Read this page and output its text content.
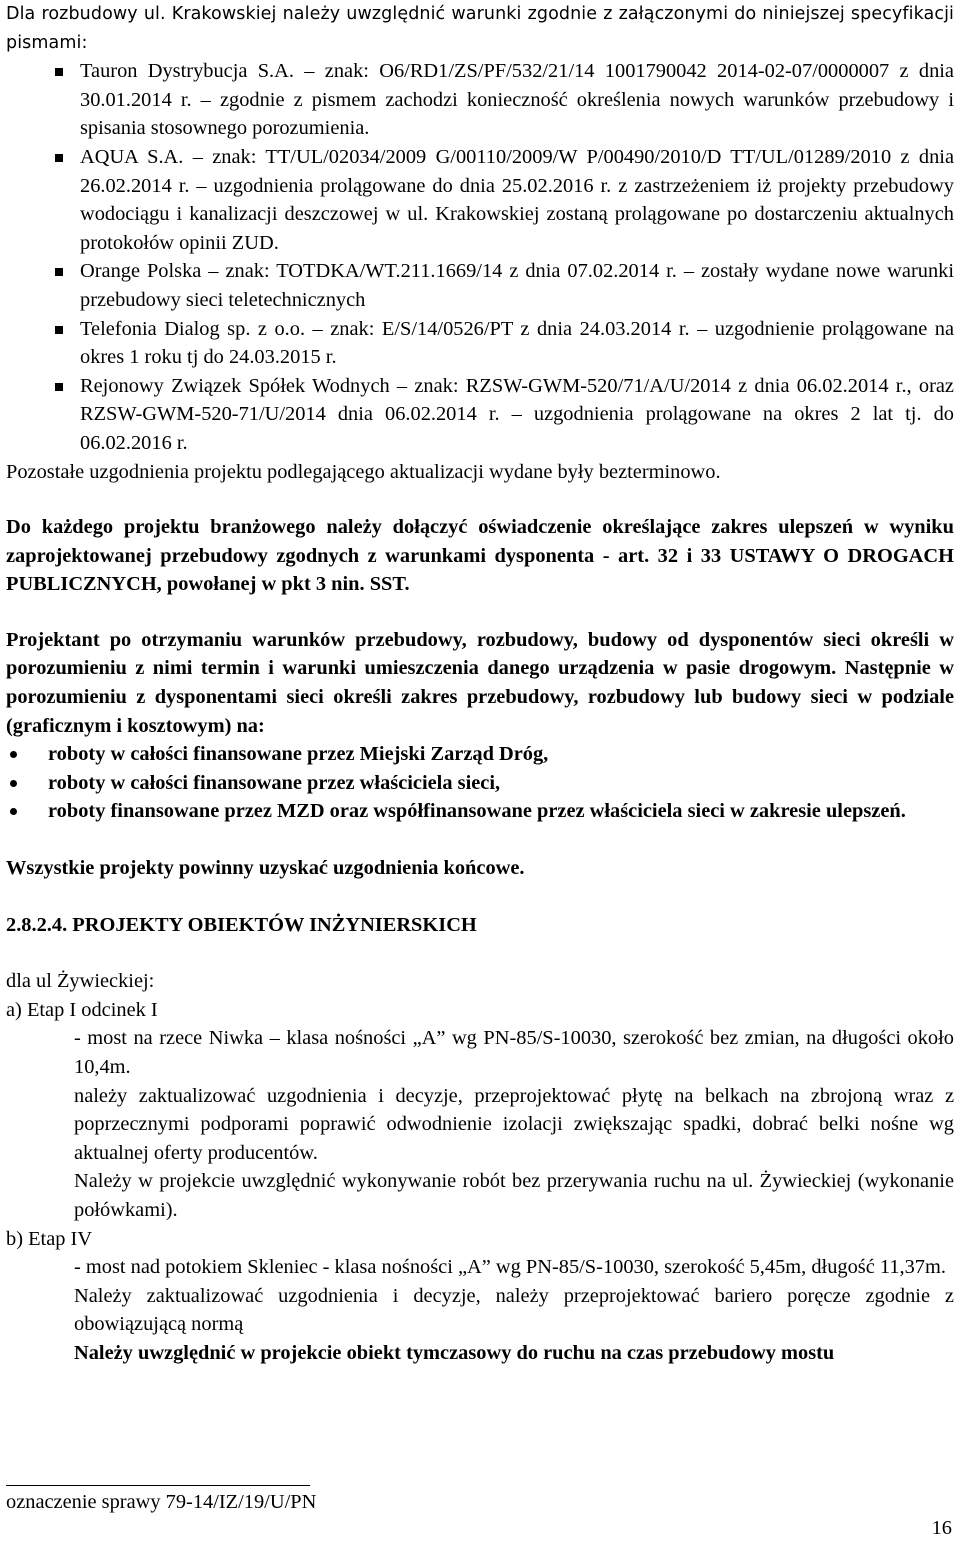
Dla rozbudowy ul. Krakowskiej należy uwzględnić warunki zgodnie z załączonymi do niniejszej specyfikacji pismami:

Tauron Dystrybucja S.A. – znak: O6/RD1/ZS/PF/532/21/14 1001790042 2014-02-07/0000007 z dnia 30.01.2014 r. – zgodnie z pismem zachodzi konieczność określenia nowych warunków przebudowy i spisania stosownego porozumienia.
AQUA S.A. – znak: TT/UL/02034/2009 G/00110/2009/W P/00490/2010/D TT/UL/01289/2010 z dnia 26.02.2014 r. – uzgodnienia prolągowane do dnia 25.02.2016 r. z zastrzeżeniem iż projekty przebudowy wodociągu i kanalizacji deszczowej w ul. Krakowskiej zostaną prolągowane po dostarczeniu aktualnych protokołów opinii ZUD.
Orange Polska – znak: TOTDKA/WT.211.1669/14 z dnia 07.02.2014 r. – zostały wydane nowe warunki przebudowy sieci teletechnicznych
Telefonia Dialog sp. z o.o. – znak: E/S/14/0526/PT z dnia 24.03.2014 r. – uzgodnienie prolągowane na okres 1 roku tj do 24.03.2015 r.
Rejonowy Związek Spółek Wodnych – znak: RZSW-GWM-520/71/A/U/2014 z dnia 06.02.2014 r., oraz RZSW-GWM-520-71/U/2014 dnia 06.02.2014 r. – uzgodnienia prolągowane na okres 2 lat tj. do 06.02.2016 r.

Pozostałe uzgodnienia projektu podlegającego aktualizacji wydane były bezterminowo.

Do każdego projektu branżowego należy dołączyć oświadczenie określające zakres ulepszeń w wyniku zaprojektowanej przebudowy zgodnych z warunkami dysponenta - art. 32 i 33 USTAWY O DROGACH PUBLICZNYCH, powołanej w pkt 3 nin. SST.

Projektant po otrzymaniu warunków przebudowy, rozbudowy, budowy od dysponentów sieci określi w porozumieniu z nimi termin i warunki umieszczenia danego urządzenia w pasie drogowym. Następnie w porozumieniu z dysponentami sieci określi zakres przebudowy, rozbudowy lub budowy sieci w podziale (graficznym i kosztowym) na:

roboty w całości finansowane przez Miejski Zarząd Dróg,
roboty w całości finansowane przez właściciela sieci,
roboty finansowane przez MZD oraz współfinansowane przez właściciela sieci w zakresie ulepszeń.

Wszystkie projekty powinny uzyskać uzgodnienia końcowe.

2.8.2.4. PROJEKTY OBIEKTÓW INŻYNIERSKICH

dla ul Żywieckiej:

a) Etap I odcinek I

- most na rzece Niwka – klasa nośności „A” wg PN-85/S-10030, szerokość bez zmian, na długości około 10,4m.

należy zaktualizować uzgodnienia i decyzje, przeprojektować płytę na belkach na zbrojoną wraz z poprzecznymi podporami poprawić odwodnienie izolacji zwiększając spadki, dobrać belki nośne wg aktualnej oferty producentów.

Należy w projekcie uwzględnić wykonywanie robót bez przerywania ruchu na ul. Żywieckiej (wykonanie połówkami).

b) Etap IV

- most nad potokiem Skleniec - klasa nośności „A” wg PN-85/S-10030, szerokość 5,45m, długość 11,37m.

Należy zaktualizować uzgodnienia i decyzje, należy przeprojektować bariero poręcze zgodnie z obowiązującą normą

Należy uwzględnić w projekcie obiekt tymczasowy do ruchu na czas przebudowy mostu

oznaczenie sprawy 79-14/IZ/19/U/PN
16
